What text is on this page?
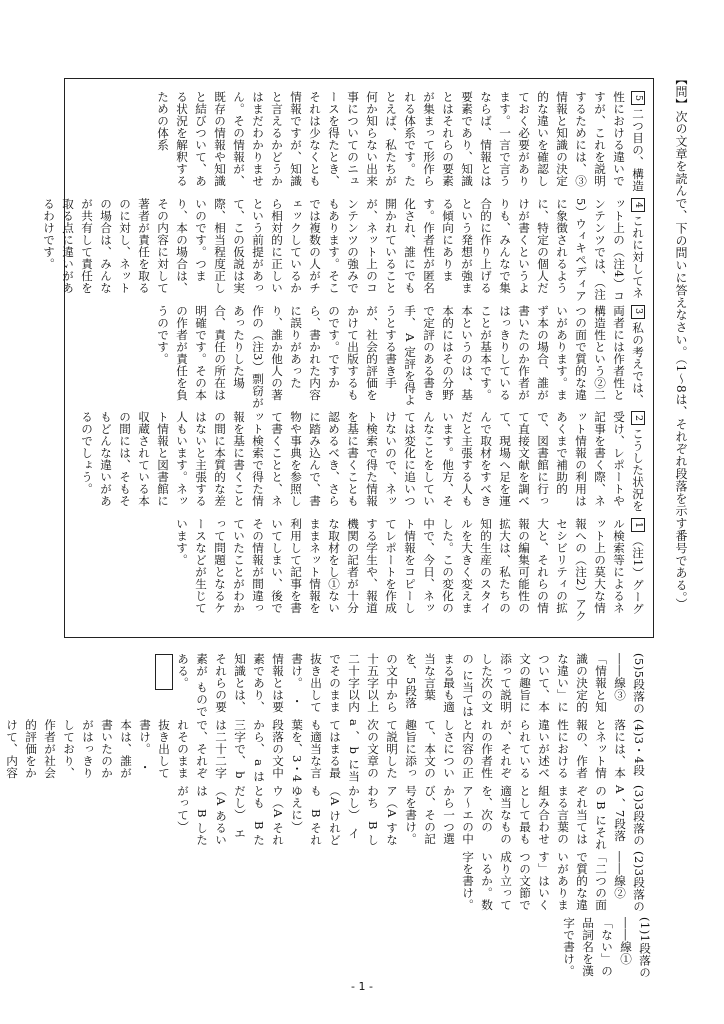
【問】次の文章を読んで、下の問いに答えなさい。（1〜8は、それぞれ段落を示す番号である。）
1（注1）グーグル検索等によるネット上の莫大な情報への（注2）アクセシビリティの拡大と、それらの情報の編集可能性の拡大は、私たちの知的生産のスタイルを大きく変えました。この変化の中で、今日、ネット情報をコピーしてレポートを作成する学生や、報道機関の記者が十分な取材をし①ないままネット情報を利用して記事を書いてしまい、後でその情報が間違っていたことがわかって問題となるケースなどが生じています。
2こうした状況を受け、レポートや記事を書く際、ネット情報の利用はあくまで補助的で、図書館に行って直接文献を調べて、現場へ足を運んで取材をすべきだと主張する人もいます。他方、そんなことをしていては変化に追いつけないので、ネット検索で得た情報を基に書くことも認めるべき、さらに踏み込んで、書物や事典を参照して書くことと、ネット検索で得た情報を基に書くことの間に本質的な差はないと主張する人もいます。ネット情報と図書館に収蔵されている本の間には、そもそもどんな違いがあるのでしょう。
3私の考えでは、両者には作者性と構造性という②二つの面で質的な違いがあります。まず本の場合、誰が書いたのか作者がはっきりしていることが基本です。本というのは、基本的にはその分野で定評のある書き手、 A 定評を得ようとする書き手が、社会的評価をかけて出版するものです。ですから、書かれた内容に誤りがあったり、誰か他人の著作の（注3）剽窃があったりした場合、責任の所在は明確です。その本の作者が責任を負うのです。
4これに対してネット上の（注4）コンテンツでは、（注5）ウィキペディアに象徴されるように、特定の個人だけが書くというよりも、みんなで集合的に作り上げるという発想が強まる傾向にあります。作者性が匿名化され、誰にでも開かれていることが、ネット上のコンテンツの強みでもあります。そこでは複数の人がチェックしているから相対的に正しいという前提があって、この仮説は実際、相当程度正しいのです。つまり、本の場合は、その内容に対して著者が責任を取るのに対し、ネットの場合は、みんなが共有して責任を取る点に違いがあるわけです。
5二つ目の、構造性における違いですが、これを説明するためには、③情報と知識の決定的な違いを確認しておく必要があります。一言で言うならば、情報とは要素であり、知識とはそれらの要素が集まって形作られる体系です。たとえば、私たちが何か知らない出来事についてのニュースを得たとき、それは少なくとも情報ですが、知識と言えるかどうかはまだわかりません。その情報が、既存の情報や知識と結びついて、ある状況を解釈するための体系
(1)1段落の――線①「ない」の品詞名を漢字で書け。
(2)3段落の――線②「二つの面で質的な違いがあります」はいくつの文節で成り立っているか。数字を書け。
(3)3段落の A 、7段落の B にそれぞれ当てはまる言葉の組み合わせとして最も適当なものを、次のア〜エの中から一つ選び、その記号を書け。　ア（A すなわち　B しかし）　イ（A けれども　B それゆえに）　ウ（A それとも　B ただし）　エ（A あるいは　B したがって）
(4)3・4段落には、本とネット情報の、作者性における違いが述べられているが、それぞれの作者性と内容の正しさについて、本文の趣旨に添って説明した次の文章の a 、 b に当てはまる最も適当な言葉を、3・4段落の文中から、 a は三字で、 b は二十二字で、それぞれそのまま抜き出して書け。　・本は、誰が書いたのかがはっきりしており、作者が社会的評価をかけて、内容
(5)5段落の――線③「情報と知識の決定的な違い」について、本文の趣旨に添って説明した次の文の に当てはまる最も適当な言葉を、5段落の文中から十五字以上二十字以内でそのまま抜き出して書け。　・情報とは要素であり、知識とは、それらの要素が ものである。
- 1 -
